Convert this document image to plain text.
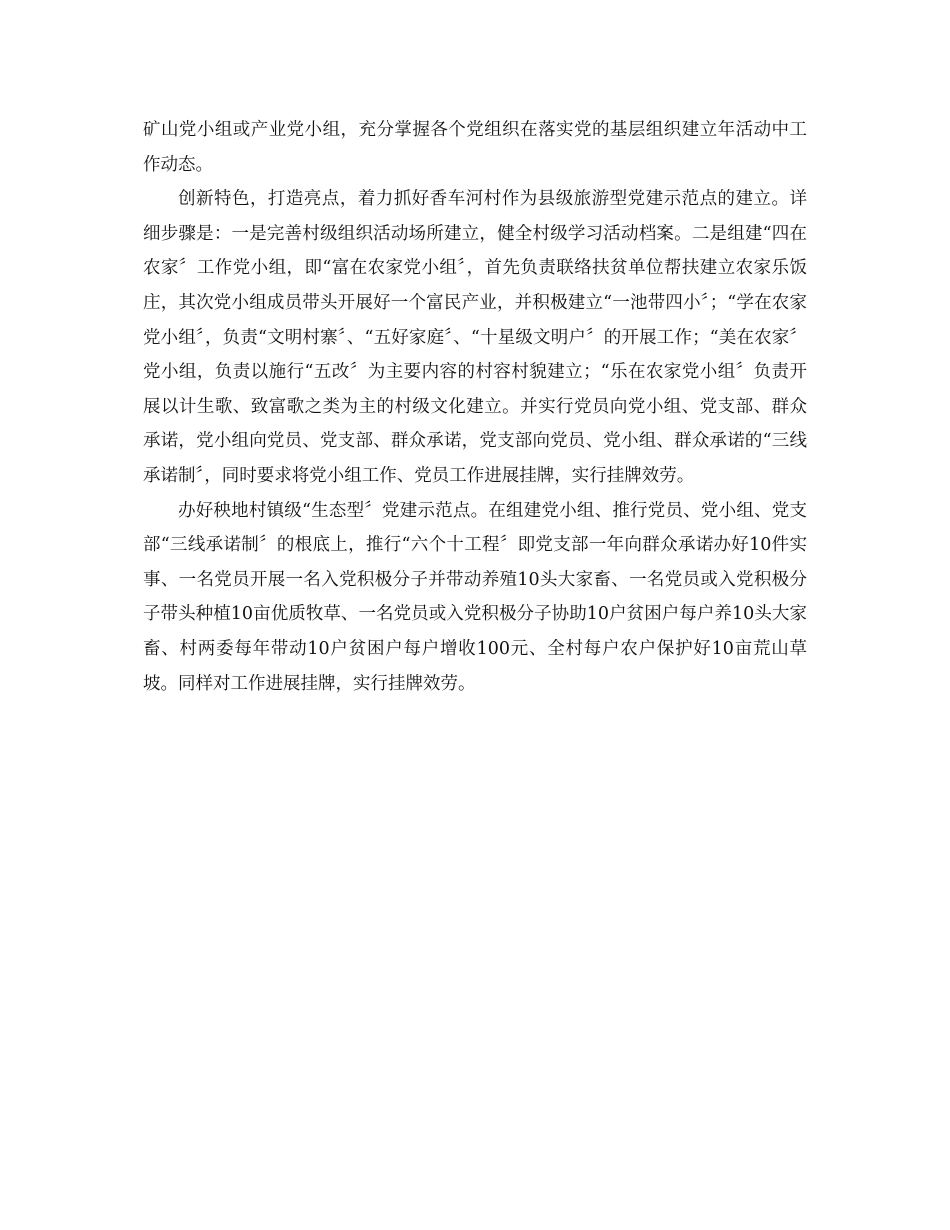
矿山党小组或产业党小组，充分掌握各个党组织在落实党的基层组织建立年活动中工作动态。

创新特色，打造亮点，着力抓好香车河村作为县级旅游型党建示范点的建立。详细步骤是：一是完善村级组织活动场所建立，健全村级学习活动档案。二是组建“四在农家〞工作党小组，即“富在农家党小组〞，首先负责联络扶贫单位帮扶建立农家乐饭庄，其次党小组成员带头开展好一个富民产业，并积极建立“一池带四小〞；“学在农家党小组〞，负责“文明村寨〞、“五好家庭〞、“十星级文明户〞的开展工作；“美在农家〞党小组，负责以施行“五改〞为主要内容的村容村貌建立；“乐在农家党小组〞负责开展以计生歌、致富歌之类为主的村级文化建立。并实行党员向党小组、党支部、群众承诺，党小组向党员、党支部、群众承诺，党支部向党员、党小组、群众承诺的“三线承诺制〞，同时要求将党小组工作、党员工作进展挂牌，实行挂牌效劳。

办好秧地村镇级“生态型〞党建示范点。在组建党小组、推行党员、党小组、党支部“三线承诺制〞的根底上，推行“六个十工程〞即党支部一年向群众承诺办好10件实事、一名党员开展一名入党积极分子并带动养殖10头大家畜、一名党员或入党积极分子带头种植10亩优质牧草、一名党员或入党积极分子协助10户贫困户每户养10头大家畜、村两委每年带动10户贫困户每户增收100元、全村每户农户保护好10亩荒山草坡。同样对工作进展挂牌，实行挂牌效劳。
